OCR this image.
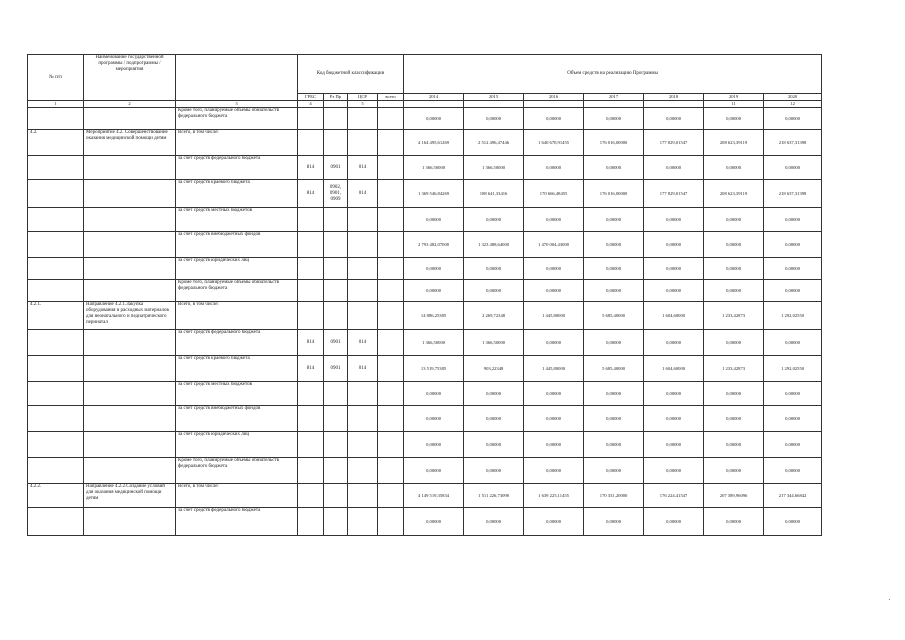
№ п/п	Наименование государственной программы / подпрограммы / мероприятия		Код бюджетной классификации				Объем средств на реализацию Программы							
			ГРБС	Рз Пр	ЦСР	всего	2014	2015	2016	2017	2018	2019	2020	
1	2	3	4		5							11	12	
		Кроме того, планируемые объемы обязательств федерального бюджета					0,00000	0,00000	0,00000	0,00000	0,00000	0,00000	0,00000	
4.2.	Мероприятие 4.2. Совершенствование оказания медицинской помощи детям	Всего, в том числе:					4 164 495,61269	2 512 496,47446	1 640 670,91455	176 016,00000	177 829,01547	208 623,39119	218 637,31398	
		за счет средств федерального бюджета	814	0901	014		1 366,50000	1 366,50000	0,00000	0,00000	0,00000	0,00000	0,00000	
		за счет средств краевого бюджета	814	0902, 0901, 0909	014		1 369 546,84269	188 641,33416	170 666,48455	176 016,00000	177 829,01547	208 623,39119	218 637,31398	
		за счет средств местных бюджетов					0,00000	0,00000	0,00000	0,00000	0,00000	0,00000	0,00000	
		за счет средств внебюджетных фондов					2 793 482,07000	1 323 488,64000	1 470 004,43000	0,00000	0,00000	0,00000	0,00000	
		за счет средств юридических лиц					0,00000	0,00000	0,00000	0,00000	0,00000	0,00000	0,00000	
		Кроме того, планируемые объемы обязательств федерального бюджета					0,00000	0,00000	0,00000	0,00000	0,00000	0,00000	0,00000	
4.2.1.	Направление 4.2.1.Закупка оборудования и расходных материалов для неонатального и педиатрического перинатал	Всего, в том числе:					14 886,25385	2 269,72348	1 445,80000	5 685,40000	1 604,60000	1 233,42873	1 292,02550	
		за счет средств федерального бюджета	814	0901	014		1 366,50000	1 366,50000	0,00000	0,00000	0,00000	0,00000	0,00000	
		за счет средств краевого бюджета	814	0901	014		13 519,75385	903,22348	1 445,80000	5 685,40000	1 604,60000	1 233,42873	1 292,02550	
		за счет средств местных бюджетов					0,00000	0,00000	0,00000	0,00000	0,00000	0,00000	0,00000	
		за счет средств внебюджетных фондов					0,00000	0,00000	0,00000	0,00000	0,00000	0,00000	0,00000	
		за счет средств юридических лиц					0,00000	0,00000	0,00000	0,00000	0,00000	0,00000	0,00000	
		Кроме того, планируемые объемы обязательств федерального бюджета					0,00000	0,00000	0,00000	0,00000	0,00000	0,00000	0,00000	
4.2.2.	Направление 4.2.2.Создание условий для оказания медицинской помощи детям	Всего, в том числе:					4 149 519,35834	1 511 226,73098	1 639 225,11455	170 331,20000	176 224,41547	207 389,96096	217 344,66842	
		за счет средств федерального бюджета					0,00000	0,00000	0,00000	0,00000	0,00000	0,00000	0,00000	
